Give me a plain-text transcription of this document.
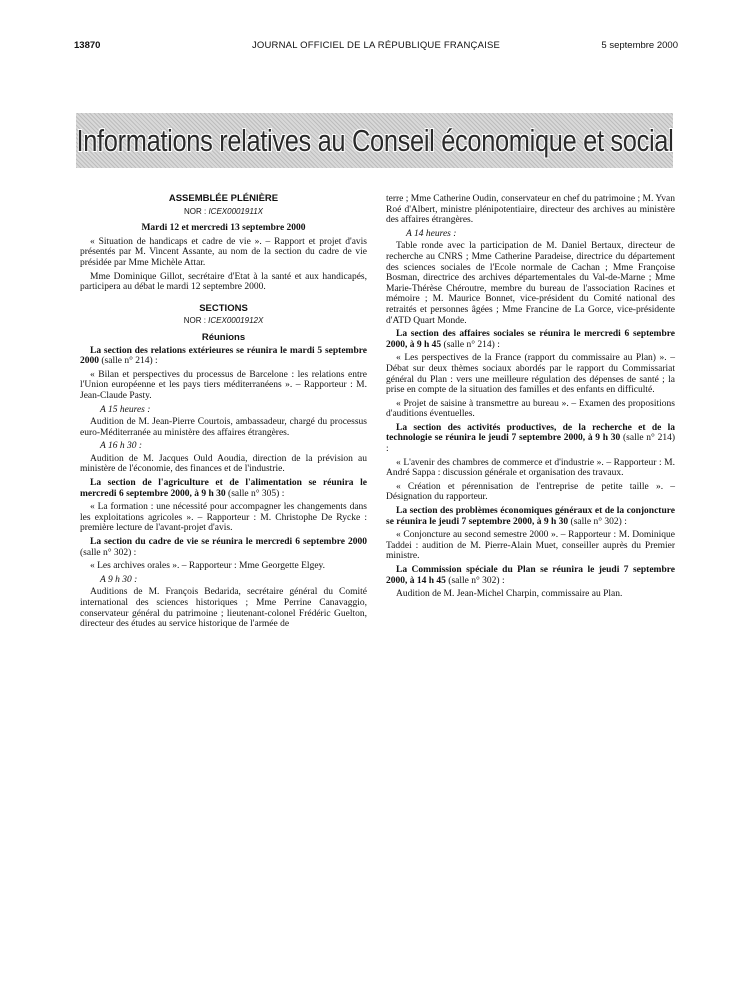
13870	JOURNAL OFFICIEL DE LA RÉPUBLIQUE FRANÇAISE	5 septembre 2000
Informations relatives au Conseil économique et social
ASSEMBLÉE PLÉNIÈRE
NOR : ICEX0001911X

Mardi 12 et mercredi 13 septembre 2000

« Situation de handicaps et cadre de vie ». – Rapport et projet d'avis présentés par M. Vincent Assante, au nom de la section du cadre de vie présidée par Mme Michèle Attar.

Mme Dominique Gillot, secrétaire d'Etat à la santé et aux handicapés, participera au débat le mardi 12 septembre 2000.

SECTIONS
NOR : ICEX0001912X
Réunions

La section des relations extérieures se réunira le mardi 5 septembre 2000 (salle n° 214) :

« Bilan et perspectives du processus de Barcelone : les relations entre l'Union européenne et les pays tiers méditerranéens ». – Rapporteur : M. Jean-Claude Pasty.

A 15 heures :

Audition de M. Jean-Pierre Courtois, ambassadeur, chargé du processus euro-Méditerranée au ministère des affaires étrangères.

A 16 h 30 :

Audition de M. Jacques Ould Aoudia, direction de la prévision au ministère de l'économie, des finances et de l'industrie.

La section de l'agriculture et de l'alimentation se réunira le mercredi 6 septembre 2000, à 9 h 30 (salle n° 305) :

« La formation : une nécessité pour accompagner les changements dans les exploitations agricoles ». – Rapporteur : M. Christophe De Rycke : première lecture de l'avant-projet d'avis.

La section du cadre de vie se réunira le mercredi 6 septembre 2000 (salle n° 302) :

« Les archives orales ». – Rapporteur : Mme Georgette Elgey.

A 9 h 30 :

Auditions de M. François Bedarida, secrétaire général du Comité international des sciences historiques ; Mme Perrine Canavaggio, conservateur général du patrimoine ; lieutenant-colonel Frédéric Guelton, directeur des études au service historique de l'armée de

terre ; Mme Catherine Oudin, conservateur en chef du patrimoine ; M. Yvan Roé d'Albert, ministre plénipotentiaire, directeur des archives au ministère des affaires étrangères.

A 14 heures :

Table ronde avec la participation de M. Daniel Bertaux, directeur de recherche au CNRS ; Mme Catherine Paradeise, directrice du département des sciences sociales de l'Ecole normale de Cachan ; Mme Françoise Bosman, directrice des archives départementales du Val-de-Marne ; Mme Marie-Thérèse Chéroutre, membre du bureau de l'association Racines et mémoire ; M. Maurice Bonnet, vice-président du Comité national des retraités et personnes âgées ; Mme Francine de La Gorce, vice-présidente d'ATD Quart Monde.

La section des affaires sociales se réunira le mercredi 6 septembre 2000, à 9 h 45 (salle n° 214) :

« Les perspectives de la France (rapport du commissaire au Plan) ». – Débat sur deux thèmes sociaux abordés par le rapport du Commissariat général du Plan : vers une meilleure régulation des dépenses de santé ; la prise en compte de la situation des familles et des enfants en difficulté.

« Projet de saisine à transmettre au bureau ». – Examen des propositions d'auditions éventuelles.

La section des activités productives, de la recherche et de la technologie se réunira le jeudi 7 septembre 2000, à 9 h 30 (salle n° 214) :

« L'avenir des chambres de commerce et d'industrie ». – Rapporteur : M. André Sappa : discussion générale et organisation des travaux.

« Création et pérennisation de l'entreprise de petite taille ». – Désignation du rapporteur.

La section des problèmes économiques généraux et de la conjoncture se réunira le jeudi 7 septembre 2000, à 9 h 30 (salle n° 302) :

« Conjoncture au second semestre 2000 ». – Rapporteur : M. Dominique Taddei : audition de M. Pierre-Alain Muet, conseiller auprès du Premier ministre.

La Commission spéciale du Plan se réunira le jeudi 7 septembre 2000, à 14 h 45 (salle n° 302) :

Audition de M. Jean-Michel Charpin, commissaire au Plan.
